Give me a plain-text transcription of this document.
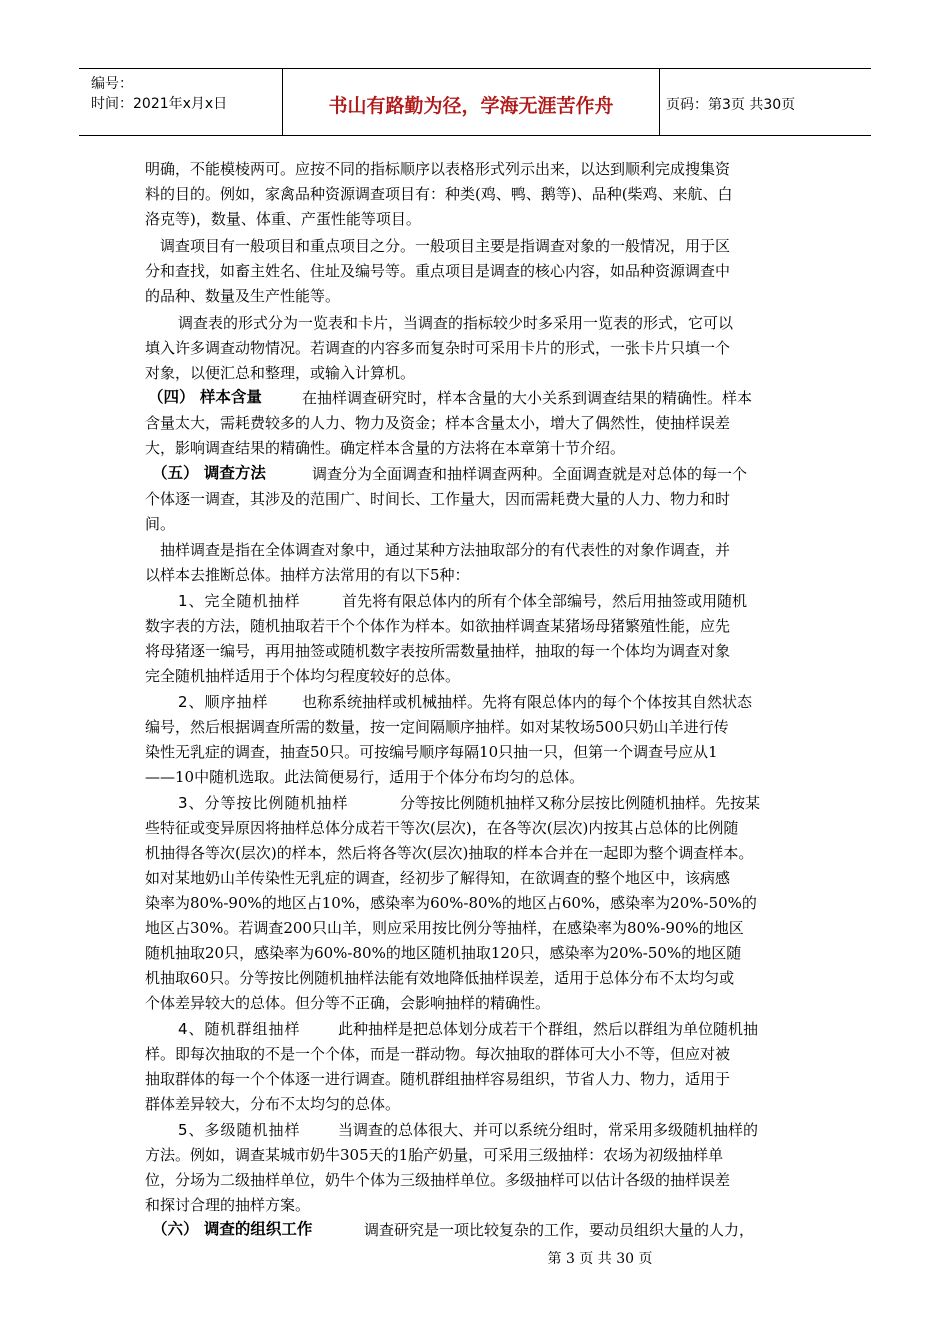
编号：
时间：2021年x月x日	书山有路勤为径，学海无涯苦作舟	页码：第3页 共30页
明确，不能模棱两可。应按不同的指标顺序以表格形式列示出来，以达到顺利完成搜集资
料的目的。例如，家禽品种资源调查项目有：种类(鸡、鸭、鹅等)、品种(柴鸡、来航、白
洛克等)，数量、体重、产蛋性能等项目。
调查项目有一般项目和重点项目之分。一般项目主要是指调查对象的一般情况，用于区
分和查找，如畜主姓名、住址及编号等。重点项目是调查的核心内容，如品种资源调查中
的品种、数量及生产性能等。
调查表的形式分为一览表和卡片，当调查的指标较少时多采用一览表的形式，它可以
填入许多调查动物情况。若调查的内容多而复杂时可采用卡片的形式，一张卡片只填一个
对象，以便汇总和整理，或输入计算机。
（四） 样本含量	在抽样调查研究时，样本含量的大小关系到调查结果的精确性。样本
含量太大，需耗费较多的人力、物力及资金；样本含量太小，增大了偶然性，使抽样误差
大，影响调查结果的精确性。确定样本含量的方法将在本章第十节介绍。
（五） 调查方法	调查分为全面调查和抽样调查两种。全面调查就是对总体的每一个
个体逐一调查，其涉及的范围广、时间长、工作量大，因而需耗费大量的人力、物力和时
间。
抽样调查是指在全体调查对象中，通过某种方法抽取部分的有代表性的对象作调查，并
以样本去推断总体。抽样方法常用的有以下5种：
1、完全随机抽样	首先将有限总体内的所有个体全部编号，然后用抽签或用随机
数字表的方法，随机抽取若干个个体作为样本。如欲抽样调查某猪场母猪繁殖性能，应先
将母猪逐一编号，再用抽签或随机数字表按所需数量抽样，抽取的每一个体均为调查对象
完全随机抽样适用于个体均匀程度较好的总体。
2、顺序抽样 也称系统抽样或机械抽样。先将有限总体内的每个个体按其自然状态
编号，然后根据调查所需的数量，按一定间隔顺序抽样。如对某牧场500只奶山羊进行传
染性无乳症的调查，抽查50只。可按编号顺序每隔10只抽一只，但第一个调查号应从1
——10中随机选取。此法简便易行，适用于个体分布均匀的总体。
3、分等按比例随机抽样	分等按比例随机抽样又称分层按比例随机抽样。先按某
些特征或变异原因将抽样总体分成若干等次(层次)，在各等次(层次)内按其占总体的比例随
机抽得各等次(层次)的样本，然后将各等次(层次)抽取的样本合并在一起即为整个调查样本。
如对某地奶山羊传染性无乳症的调查，经初步了解得知，在欲调查的整个地区中，该病感
染率为80%-90%的地区占10%，感染率为60%-80%的地区占60%，感染率为20%-50%的
地区占30%。若调查200只山羊，则应采用按比例分等抽样，在感染率为80%-90%的地区
随机抽取20只，感染率为60%-80%的地区随机抽取120只，感染率为20%-50%的地区随
机抽取60只。分等按比例随机抽样法能有效地降低抽样误差，适用于总体分布不太均匀或
个体差异较大的总体。但分等不正确，会影响抽样的精确性。
4、随机群组抽样 此种抽样是把总体划分成若干个群组，然后以群组为单位随机抽
样。即每次抽取的不是一个个体，而是一群动物。每次抽取的群体可大小不等，但应对被
抽取群体的每一个个体逐一进行调查。随机群组抽样容易组织，节省人力、物力，适用于
群体差异较大，分布不太均匀的总体。
5、多级随机抽样 当调查的总体很大、并可以系统分组时，常采用多级随机抽样的
方法。例如，调查某城市奶牛305天的1胎产奶量，可采用三级抽样：农场为初级抽样单
位，分场为二级抽样单位，奶牛个体为三级抽样单位。多级抽样可以估计各级的抽样误差
和探讨合理的抽样方案。
（六） 调查的组织工作	调查研究是一项比较复杂的工作，要动员组织大量的人力，
第 3 页 共 30 页
